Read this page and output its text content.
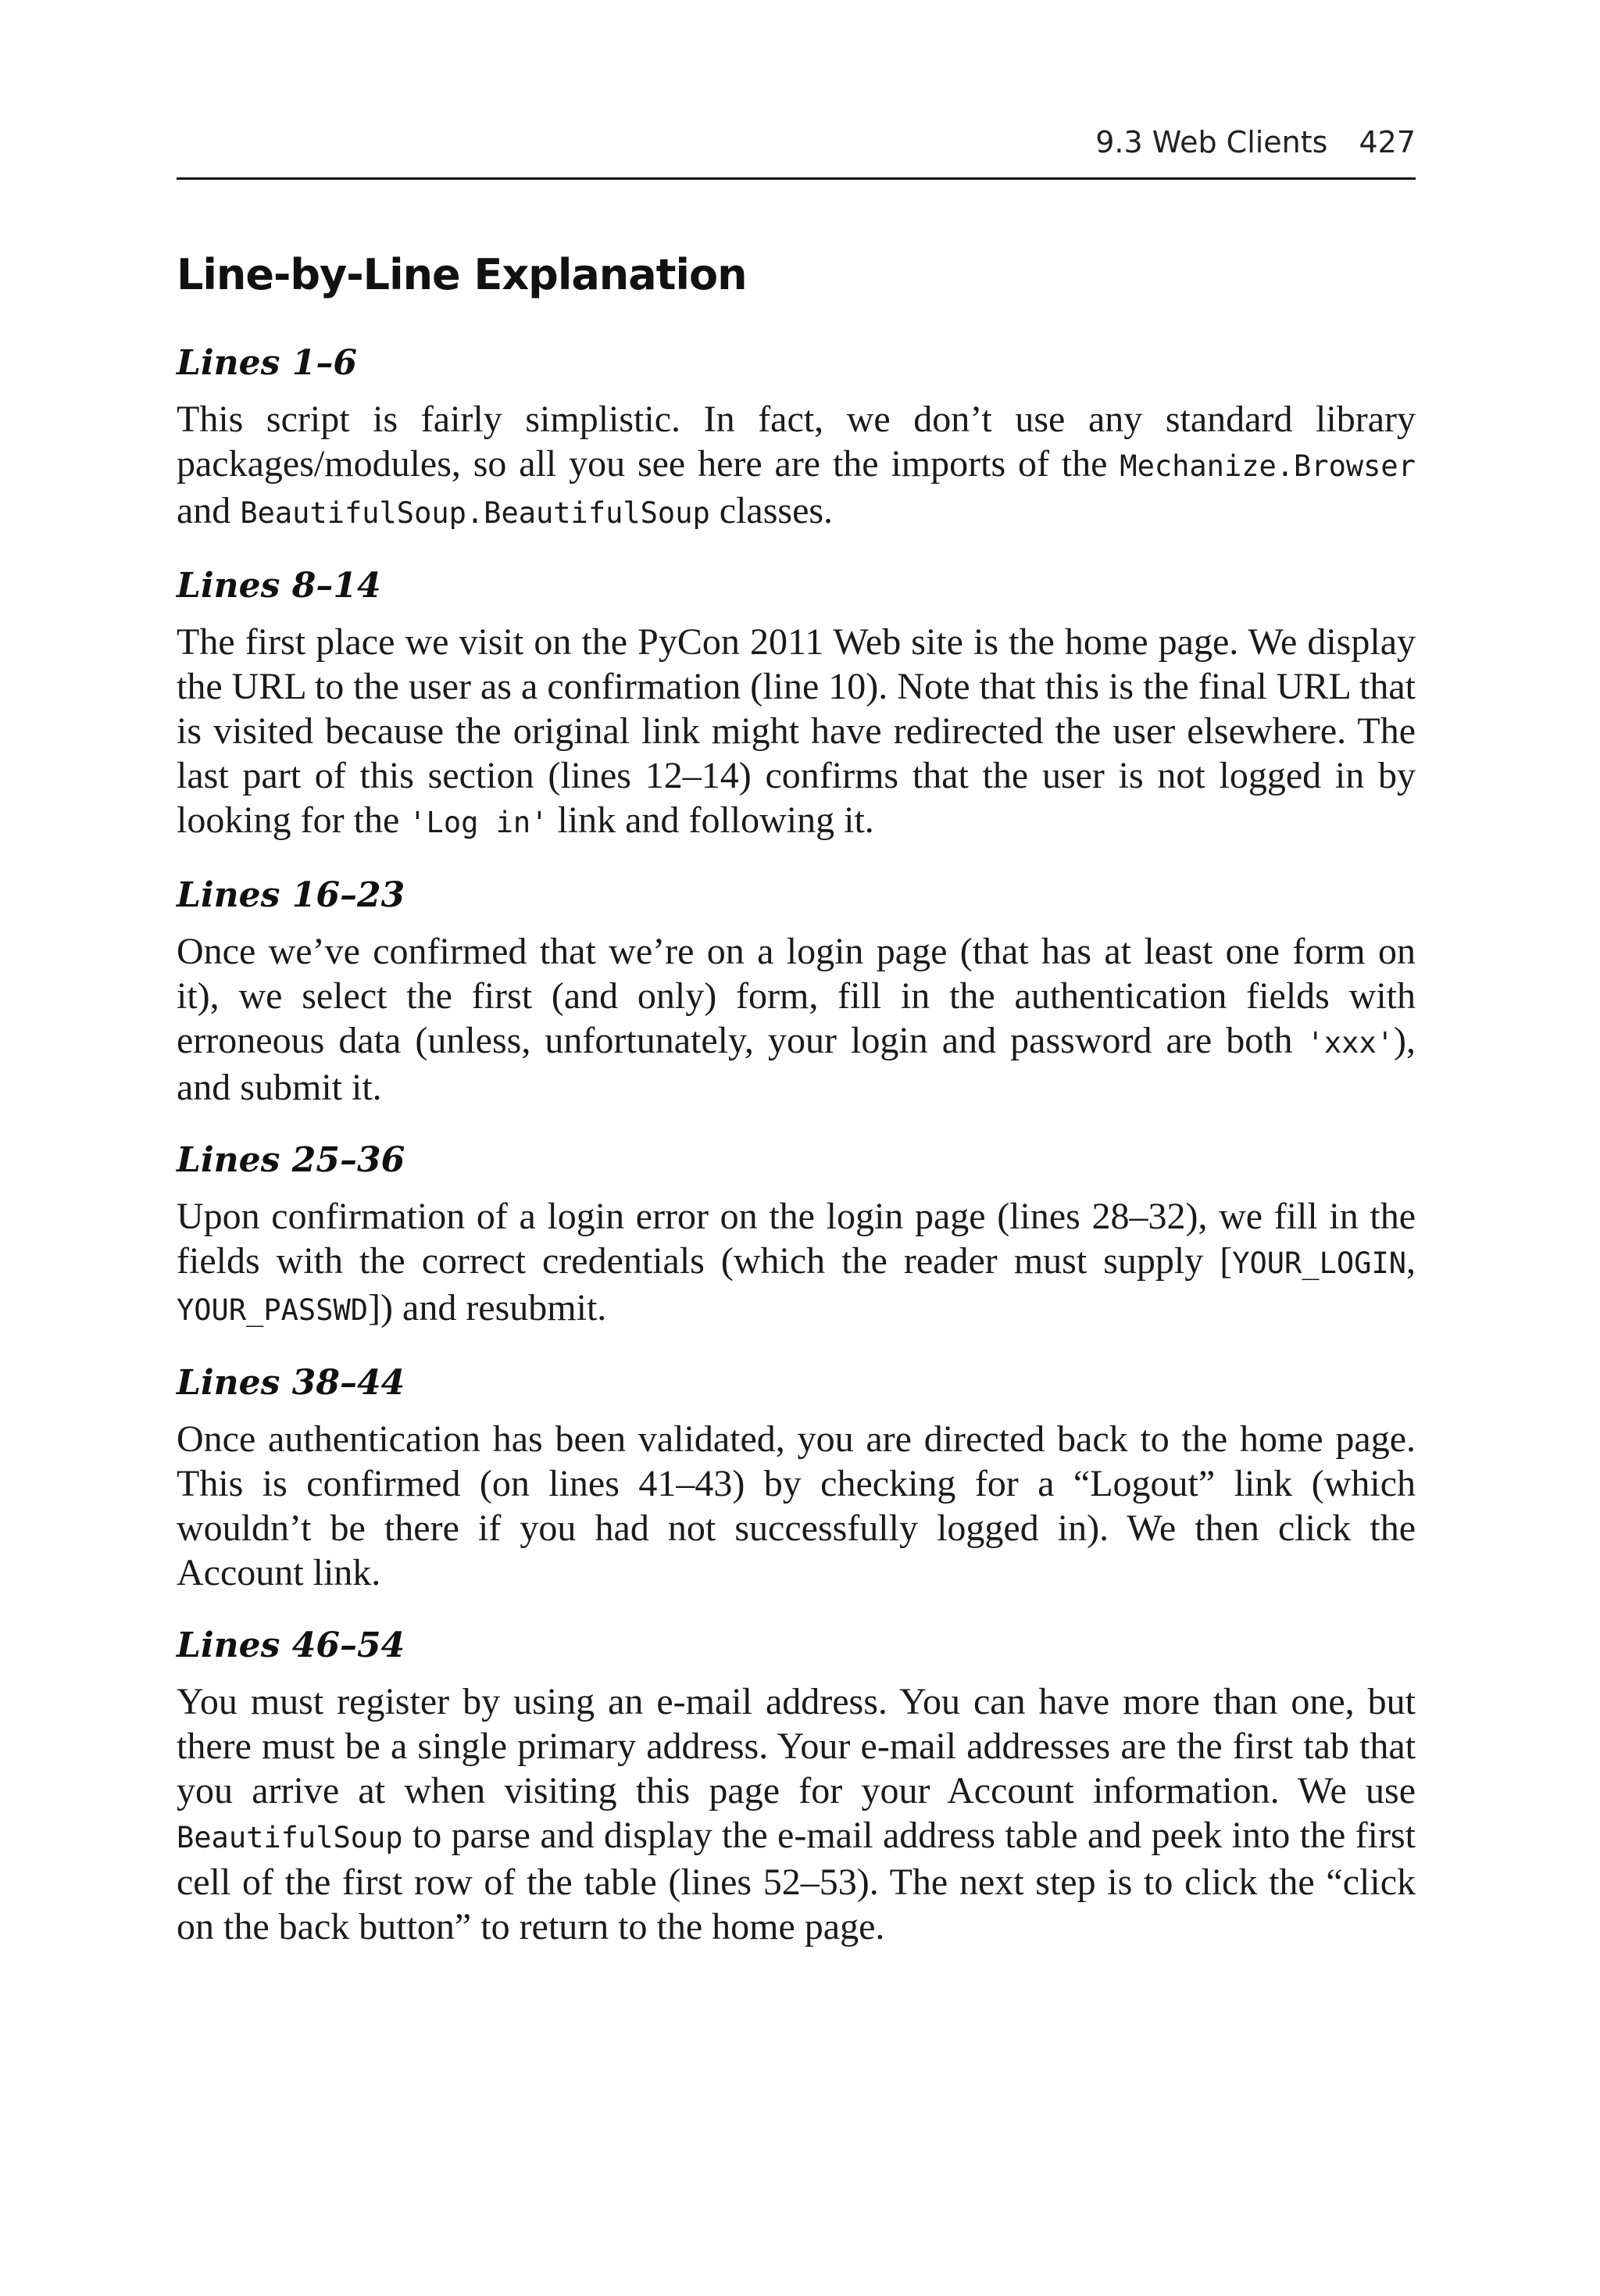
9.3 Web Clients 427
Line-by-Line Explanation
Lines 1–6

This script is fairly simplistic. In fact, we don’t use any standard library packages/modules, so all you see here are the imports of the Mechanize.Browser and BeautifulSoup.BeautifulSoup classes.

Lines 8–14

The first place we visit on the PyCon 2011 Web site is the home page. We display the URL to the user as a confirmation (line 10). Note that this is the final URL that is visited because the original link might have redirected the user elsewhere. The last part of this section (lines 12–14) confirms that the user is not logged in by looking for the 'Log in' link and following it.

Lines 16–23

Once we’ve confirmed that we’re on a login page (that has at least one form on it), we select the first (and only) form, fill in the authentication fields with erroneous data (unless, unfortunately, your login and password are both 'xxx'), and submit it.

Lines 25–36

Upon confirmation of a login error on the login page (lines 28–32), we fill in the fields with the correct credentials (which the reader must supply [YOUR_LOGIN, YOUR_PASSWD]) and resubmit.

Lines 38–44

Once authentication has been validated, you are directed back to the home page. This is confirmed (on lines 41–43) by checking for a “Logout” link (which wouldn’t be there if you had not successfully logged in). We then click the Account link.

Lines 46–54

You must register by using an e-mail address. You can have more than one, but there must be a single primary address. Your e-mail addresses are the first tab that you arrive at when visiting this page for your Account information. We use BeautifulSoup to parse and display the e-mail address table and peek into the first cell of the first row of the table (lines 52–53). The next step is to click the “click on the back button” to return to the home page.
